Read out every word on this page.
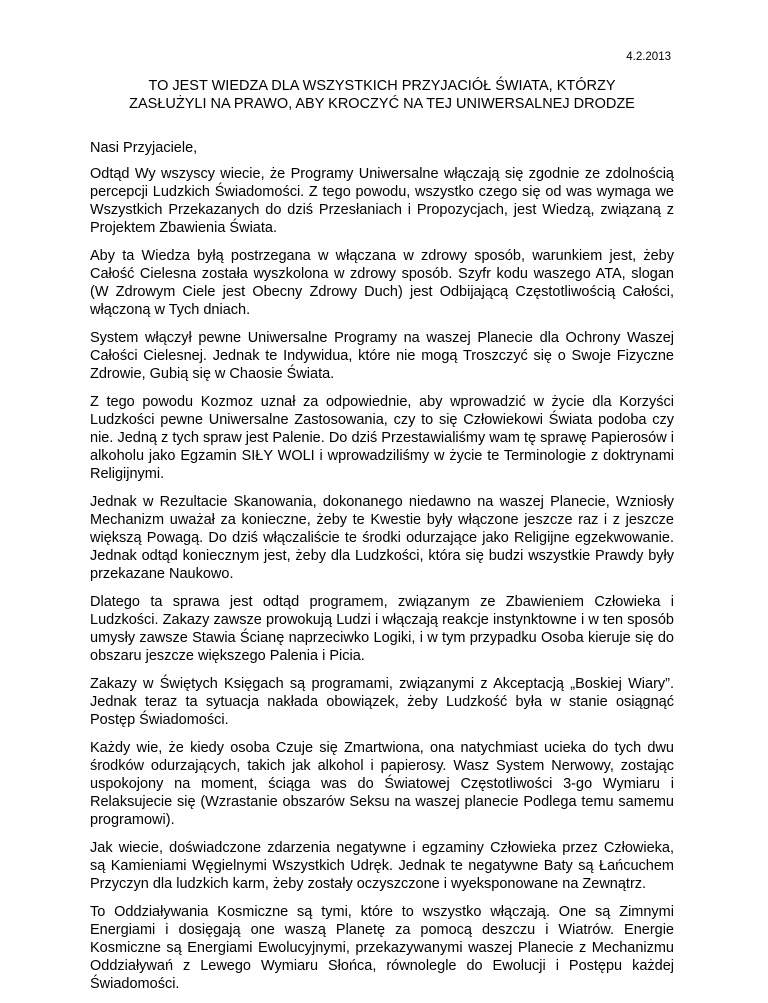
4.2.2013
TO JEST WIEDZA DLA WSZYSTKICH PRZYJACIÓŁ ŚWIATA, KTÓRZY ZASŁUŻYLI NA PRAWO, ABY KROCZYĆ NA TEJ UNIWERSALNEJ DRODZE

Nasi Przyjaciele,

Odtąd Wy wszyscy wiecie, że Programy Uniwersalne włączają się zgodnie ze zdolnością percepcji Ludzkich Świadomości. Z tego powodu, wszystko czego się od was wymaga we Wszystkich Przekazanych do dziś Przesłaniach i Propozycjach, jest Wiedzą, związaną z Projektem Zbawienia Świata.

Aby ta Wiedza byłą postrzegana w włączana w zdrowy sposób, warunkiem jest, żeby Całość Cielesna została wyszkolona w zdrowy sposób. Szyfr kodu waszego ATA, slogan (W Zdrowym Ciele jest Obecny Zdrowy Duch) jest Odbijającą Częstotliwością Całości, włączoną w Tych dniach.

System włączył pewne Uniwersalne Programy na waszej Planecie dla Ochrony Waszej Całości Cielesnej. Jednak te Indywidua, które nie mogą Troszczyć się o Swoje Fizyczne Zdrowie, Gubią się w Chaosie Świata.

Z tego powodu Kozmoz uznał za odpowiednie, aby wprowadzić w życie dla Korzyści Ludzkości pewne Uniwersalne Zastosowania, czy to się Człowiekowi Świata podoba czy nie. Jedną z tych spraw jest Palenie. Do dziś Przestawialiśmy wam tę sprawę Papierosów i alkoholu jako Egzamin SIŁY WOLI i wprowadziliśmy w życie te Terminologie z doktrynami Religijnymi.

Jednak w Rezultacie Skanowania, dokonanego niedawno na waszej Planecie, Wzniosły Mechanizm uważał za konieczne, żeby te Kwestie były włączone jeszcze raz i z jeszcze większą Powagą. Do dziś włączaliście te środki odurzające jako Religijne egzekwowanie. Jednak odtąd koniecznym jest, żeby dla Ludzkości, która się budzi wszystkie Prawdy były przekazane Naukowo.

Dlatego ta sprawa jest odtąd programem, związanym ze Zbawieniem Człowieka i Ludzkości. Zakazy zawsze prowokują Ludzi i włączają reakcje instynktowne i w ten sposób umysły zawsze Stawia Ścianę naprzeciwko Logiki, i w tym przypadku Osoba kieruje się do obszaru jeszcze większego Palenia i Picia.

Zakazy w Świętych Księgach są programami, związanymi z Akceptacją „Boskiej Wiary”. Jednak teraz ta sytuacja nakłada obowiązek, żeby Ludzkość była w stanie osiągnąć Postęp Świadomości.

Każdy wie, że kiedy osoba Czuje się Zmartwiona, ona natychmiast ucieka do tych dwu środków odurzających, takich jak alkohol i papierosy. Wasz System Nerwowy, zostając uspokojony na moment, ściąga was do Światowej Częstotliwości 3-go Wymiaru i Relaksujecie się (Wzrastanie obszarów Seksu na waszej planecie Podlega temu samemu programowi).

Jak wiecie, doświadczone zdarzenia negatywne i egzaminy Człowieka przez Człowieka, są Kamieniami Węgielnymi Wszystkich Udręk. Jednak te negatywne Baty są Łańcuchem Przyczyn dla ludzkich karm, żeby zostały oczyszczone i wyeksponowane na Zewnątrz.

To Oddziaływania Kosmiczne są tymi, które to wszystko włączają. One są Zimnymi Energiami i dosięgają one waszą Planetę za pomocą deszczu i Wiatrów. Energie Kosmiczne są Energiami Ewolucyjnymi, przekazywanymi waszej Planecie z Mechanizmu Oddziaływań z Lewego Wymiaru Słońca, równolegle do Ewolucji i Postępu każdej Świadomości.
